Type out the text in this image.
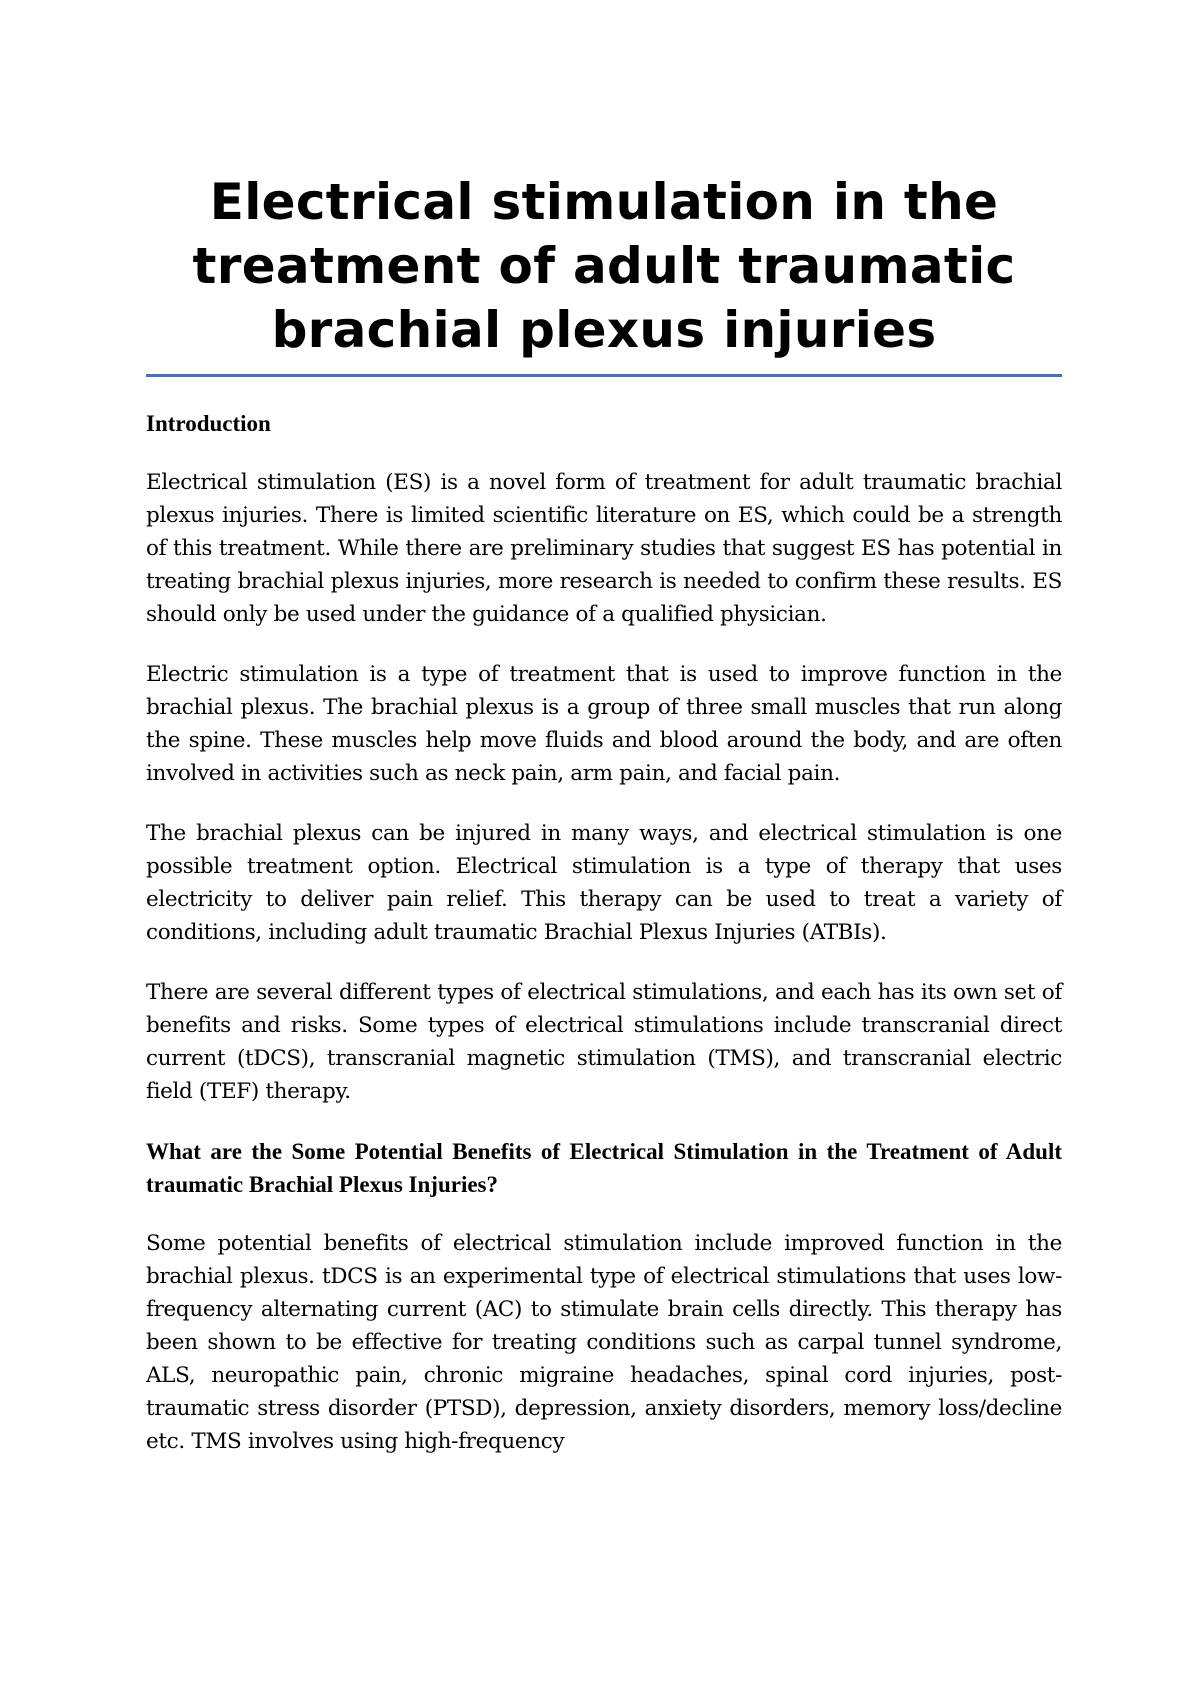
Electrical stimulation in the treatment of adult traumatic brachial plexus injuries
Introduction

Electrical stimulation (ES) is a novel form of treatment for adult traumatic brachial plexus injuries. There is limited scientific literature on ES, which could be a strength of this treatment. While there are preliminary studies that suggest ES has potential in treating brachial plexus injuries, more research is needed to confirm these results. ES should only be used under the guidance of a qualified physician.

Electric stimulation is a type of treatment that is used to improve function in the brachial plexus. The brachial plexus is a group of three small muscles that run along the spine. These muscles help move fluids and blood around the body, and are often involved in activities such as neck pain, arm pain, and facial pain.

The brachial plexus can be injured in many ways, and electrical stimulation is one possible treatment option. Electrical stimulation is a type of therapy that uses electricity to deliver pain relief. This therapy can be used to treat a variety of conditions, including adult traumatic Brachial Plexus Injuries (ATBIs).

There are several different types of electrical stimulations, and each has its own set of benefits and risks. Some types of electrical stimulations include transcranial direct current (tDCS), transcranial magnetic stimulation (TMS), and transcranial electric field (TEF) therapy.

What are the Some Potential Benefits of Electrical Stimulation in the Treatment of Adult traumatic Brachial Plexus Injuries?

Some potential benefits of electrical stimulation include improved function in the brachial plexus. tDCS is an experimental type of electrical stimulations that uses low-frequency alternating current (AC) to stimulate brain cells directly. This therapy has been shown to be effective for treating conditions such as carpal tunnel syndrome, ALS, neuropathic pain, chronic migraine headaches, spinal cord injuries, post-traumatic stress disorder (PTSD), depression, anxiety disorders, memory loss/decline etc. TMS involves using high-frequency
